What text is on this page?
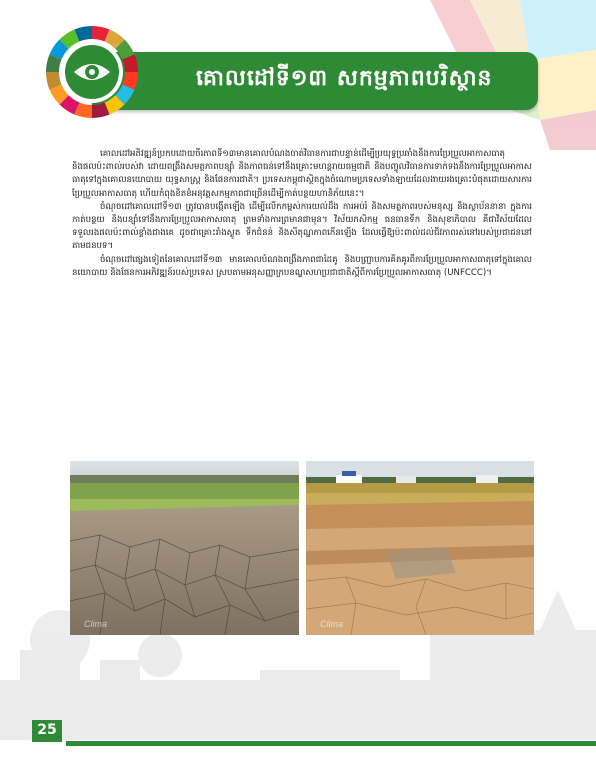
គោលដៅទី១៣ សកម្មភាពបរិស្ថាន

គោលដៅអភិវឌ្ឍន៍ប្រកបដោយចីរភាពទី១៣មានគោលបំណងចាត់វិធានការជាបន្ទាន់ដើម្បីប្រយុទ្ធប្រឆាំងនឹងការប្រែប្រួលអាកាសធាតុ និងផលប៉ះពាល់របស់វា ដោយពង្រឹងសមត្ថភាពបន្ស៊ាំ និងភាពធន់ទៅនឹងគ្រោះមហន្តរាយធម្មជាតិ និងបញ្ចូលវិធានការទាក់ទងនឹងការប្រែប្រួលអាកាសធាតុទៅក្នុងគោលនយោបាយ យុទ្ធសាស្ត្រ និងផែនការជាតិ។ ប្រទេសកម្ពុជាស្ថិតក្នុងចំណោមប្រទេសទាំងឡាយដែលងាយរងគ្រោះបំផុតដោយសារការប្រែប្រួលអាកាសធាតុ ហើយកំពុងខិតខំអនុវត្តសកម្មភាពជាច្រើនដើម្បីកាត់បន្ថយហានិភ័យនេះ។

ចំណុចដៅគោលដៅទី១៣ ត្រូវបានបង្កើតឡើង ដើម្បីលើកកម្ពស់ការយល់ដឹង ការអប់រំ និងសមត្ថភាពរបស់មនុស្ស និងស្ថាប័ននានា ក្នុងការកាត់បន្ថយ និងបន្ស៊ាំទៅនឹងការប្រែប្រួលអាកាសធាតុ ព្រមទាំងការព្រមានជាមុន។ វិស័យកសិកម្ម ធនធានទឹក និងសុខាភិបាល គឺជាវិស័យដែលទទួលរងផលប៉ះពាល់ខ្លាំងជាងគេ ដូចជាគ្រោះរាំងស្ងួត ទឹកជំនន់ និងសីតុណ្ហភាពកើនឡើង ដែលធ្វើឱ្យប៉ះពាល់ដល់ជីវភាពរស់នៅរបស់ប្រជាជននៅតាមជនបទ។

ចំណុចដៅផ្សេងទៀតនៃគោលដៅទី១៣ មានគោលបំណងពង្រឹងភាពជាដៃគូ និងបញ្ជ្រាបការគិតគូរពីការប្រែប្រួលអាកាសធាតុទៅក្នុងគោលនយោបាយ និងផែនការអភិវឌ្ឍន៍របស់ប្រទេស ស្របតាមអនុសញ្ញាក្របខណ្ឌសហប្រជាជាតិស្ដីពីការប្រែប្រួលអាកាសធាតុ (UNFCCC)។

Clima	Clima
25
